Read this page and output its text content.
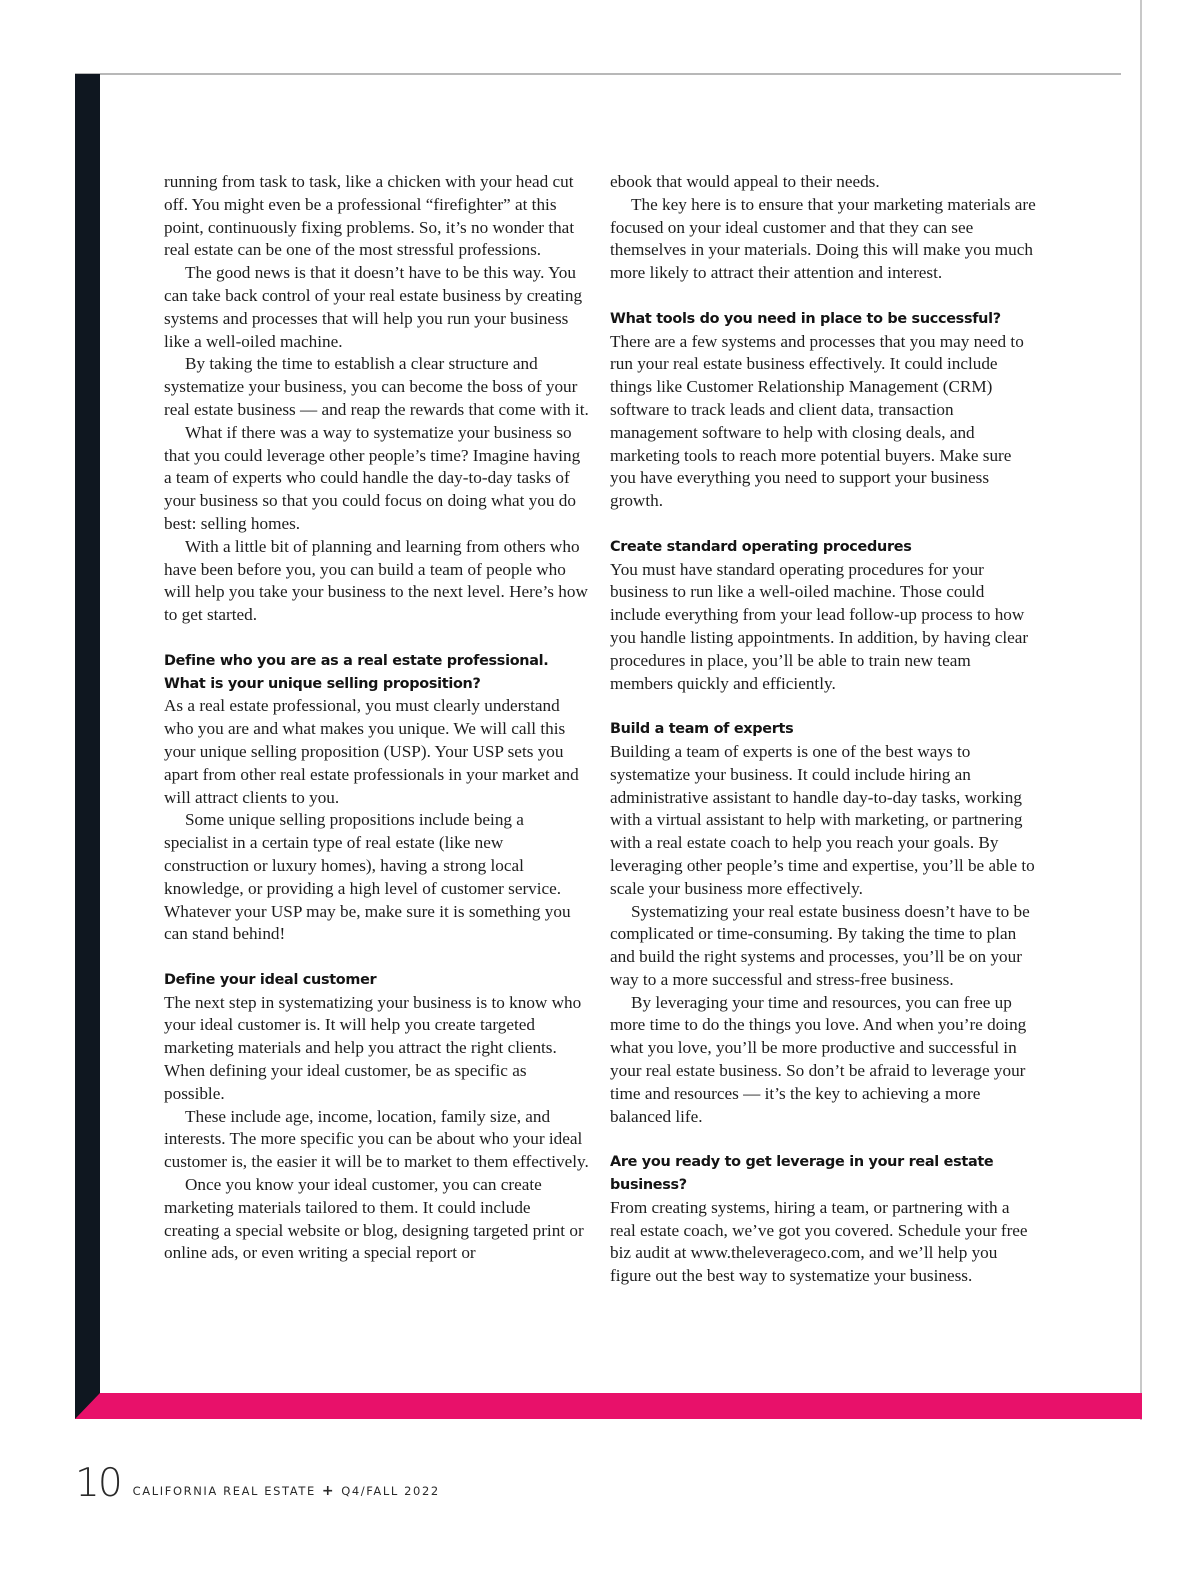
running from task to task, like a chicken with your head cut off. You might even be a professional “firefighter” at this point, continuously fixing problems. So, it’s no wonder that real estate can be one of the most stressful professions.

The good news is that it doesn’t have to be this way. You can take back control of your real estate business by creating systems and processes that will help you run your business like a well-oiled machine.

By taking the time to establish a clear structure and systematize your business, you can become the boss of your real estate business — and reap the rewards that come with it.

What if there was a way to systematize your business so that you could leverage other people’s time? Imagine having a team of experts who could handle the day-to-day tasks of your business so that you could focus on doing what you do best: selling homes.

With a little bit of planning and learning from others who have been before you, you can build a team of people who will help you take your business to the next level. Here’s how to get started.

Define who you are as a real estate professional. What is your unique selling proposition?

As a real estate professional, you must clearly understand who you are and what makes you unique. We will call this your unique selling proposition (USP). Your USP sets you apart from other real estate professionals in your market and will attract clients to you.

Some unique selling propositions include being a specialist in a certain type of real estate (like new construction or luxury homes), having a strong local knowledge, or providing a high level of customer service. Whatever your USP may be, make sure it is something you can stand behind!

Define your ideal customer

The next step in systematizing your business is to know who your ideal customer is. It will help you create targeted marketing materials and help you attract the right clients. When defining your ideal customer, be as specific as possible.

These include age, income, location, family size, and interests. The more specific you can be about who your ideal customer is, the easier it will be to market to them effectively.

Once you know your ideal customer, you can create marketing materials tailored to them. It could include creating a special website or blog, designing targeted print or online ads, or even writing a special report or

ebook that would appeal to their needs.

The key here is to ensure that your marketing materials are focused on your ideal customer and that they can see themselves in your materials. Doing this will make you much more likely to attract their attention and interest.

What tools do you need in place to be successful?

There are a few systems and processes that you may need to run your real estate business effectively. It could include things like Customer Relationship Management (CRM) software to track leads and client data, transaction management software to help with closing deals, and marketing tools to reach more potential buyers. Make sure you have everything you need to support your business growth.

Create standard operating procedures

You must have standard operating procedures for your business to run like a well-oiled machine. Those could include everything from your lead follow-up process to how you handle listing appointments. In addition, by having clear procedures in place, you’ll be able to train new team members quickly and efficiently.

Build a team of experts

Building a team of experts is one of the best ways to systematize your business. It could include hiring an administrative assistant to handle day-to-day tasks, working with a virtual assistant to help with marketing, or partnering with a real estate coach to help you reach your goals. By leveraging other people’s time and expertise, you’ll be able to scale your business more effectively.

Systematizing your real estate business doesn’t have to be complicated or time-consuming. By taking the time to plan and build the right systems and processes, you’ll be on your way to a more successful and stress-free business.

By leveraging your time and resources, you can free up more time to do the things you love. And when you’re doing what you love, you’ll be more productive and successful in your real estate business. So don’t be afraid to leverage your time and resources — it’s the key to achieving a more balanced life.

Are you ready to get leverage in your real estate business?

From creating systems, hiring a team, or partnering with a real estate coach, we’ve got you covered. Schedule your free biz audit at www.theleverageco.com, and we’ll help you figure out the best way to systematize your business.

10 CALIFORNIA REAL ESTATE + Q4/FALL 2022
